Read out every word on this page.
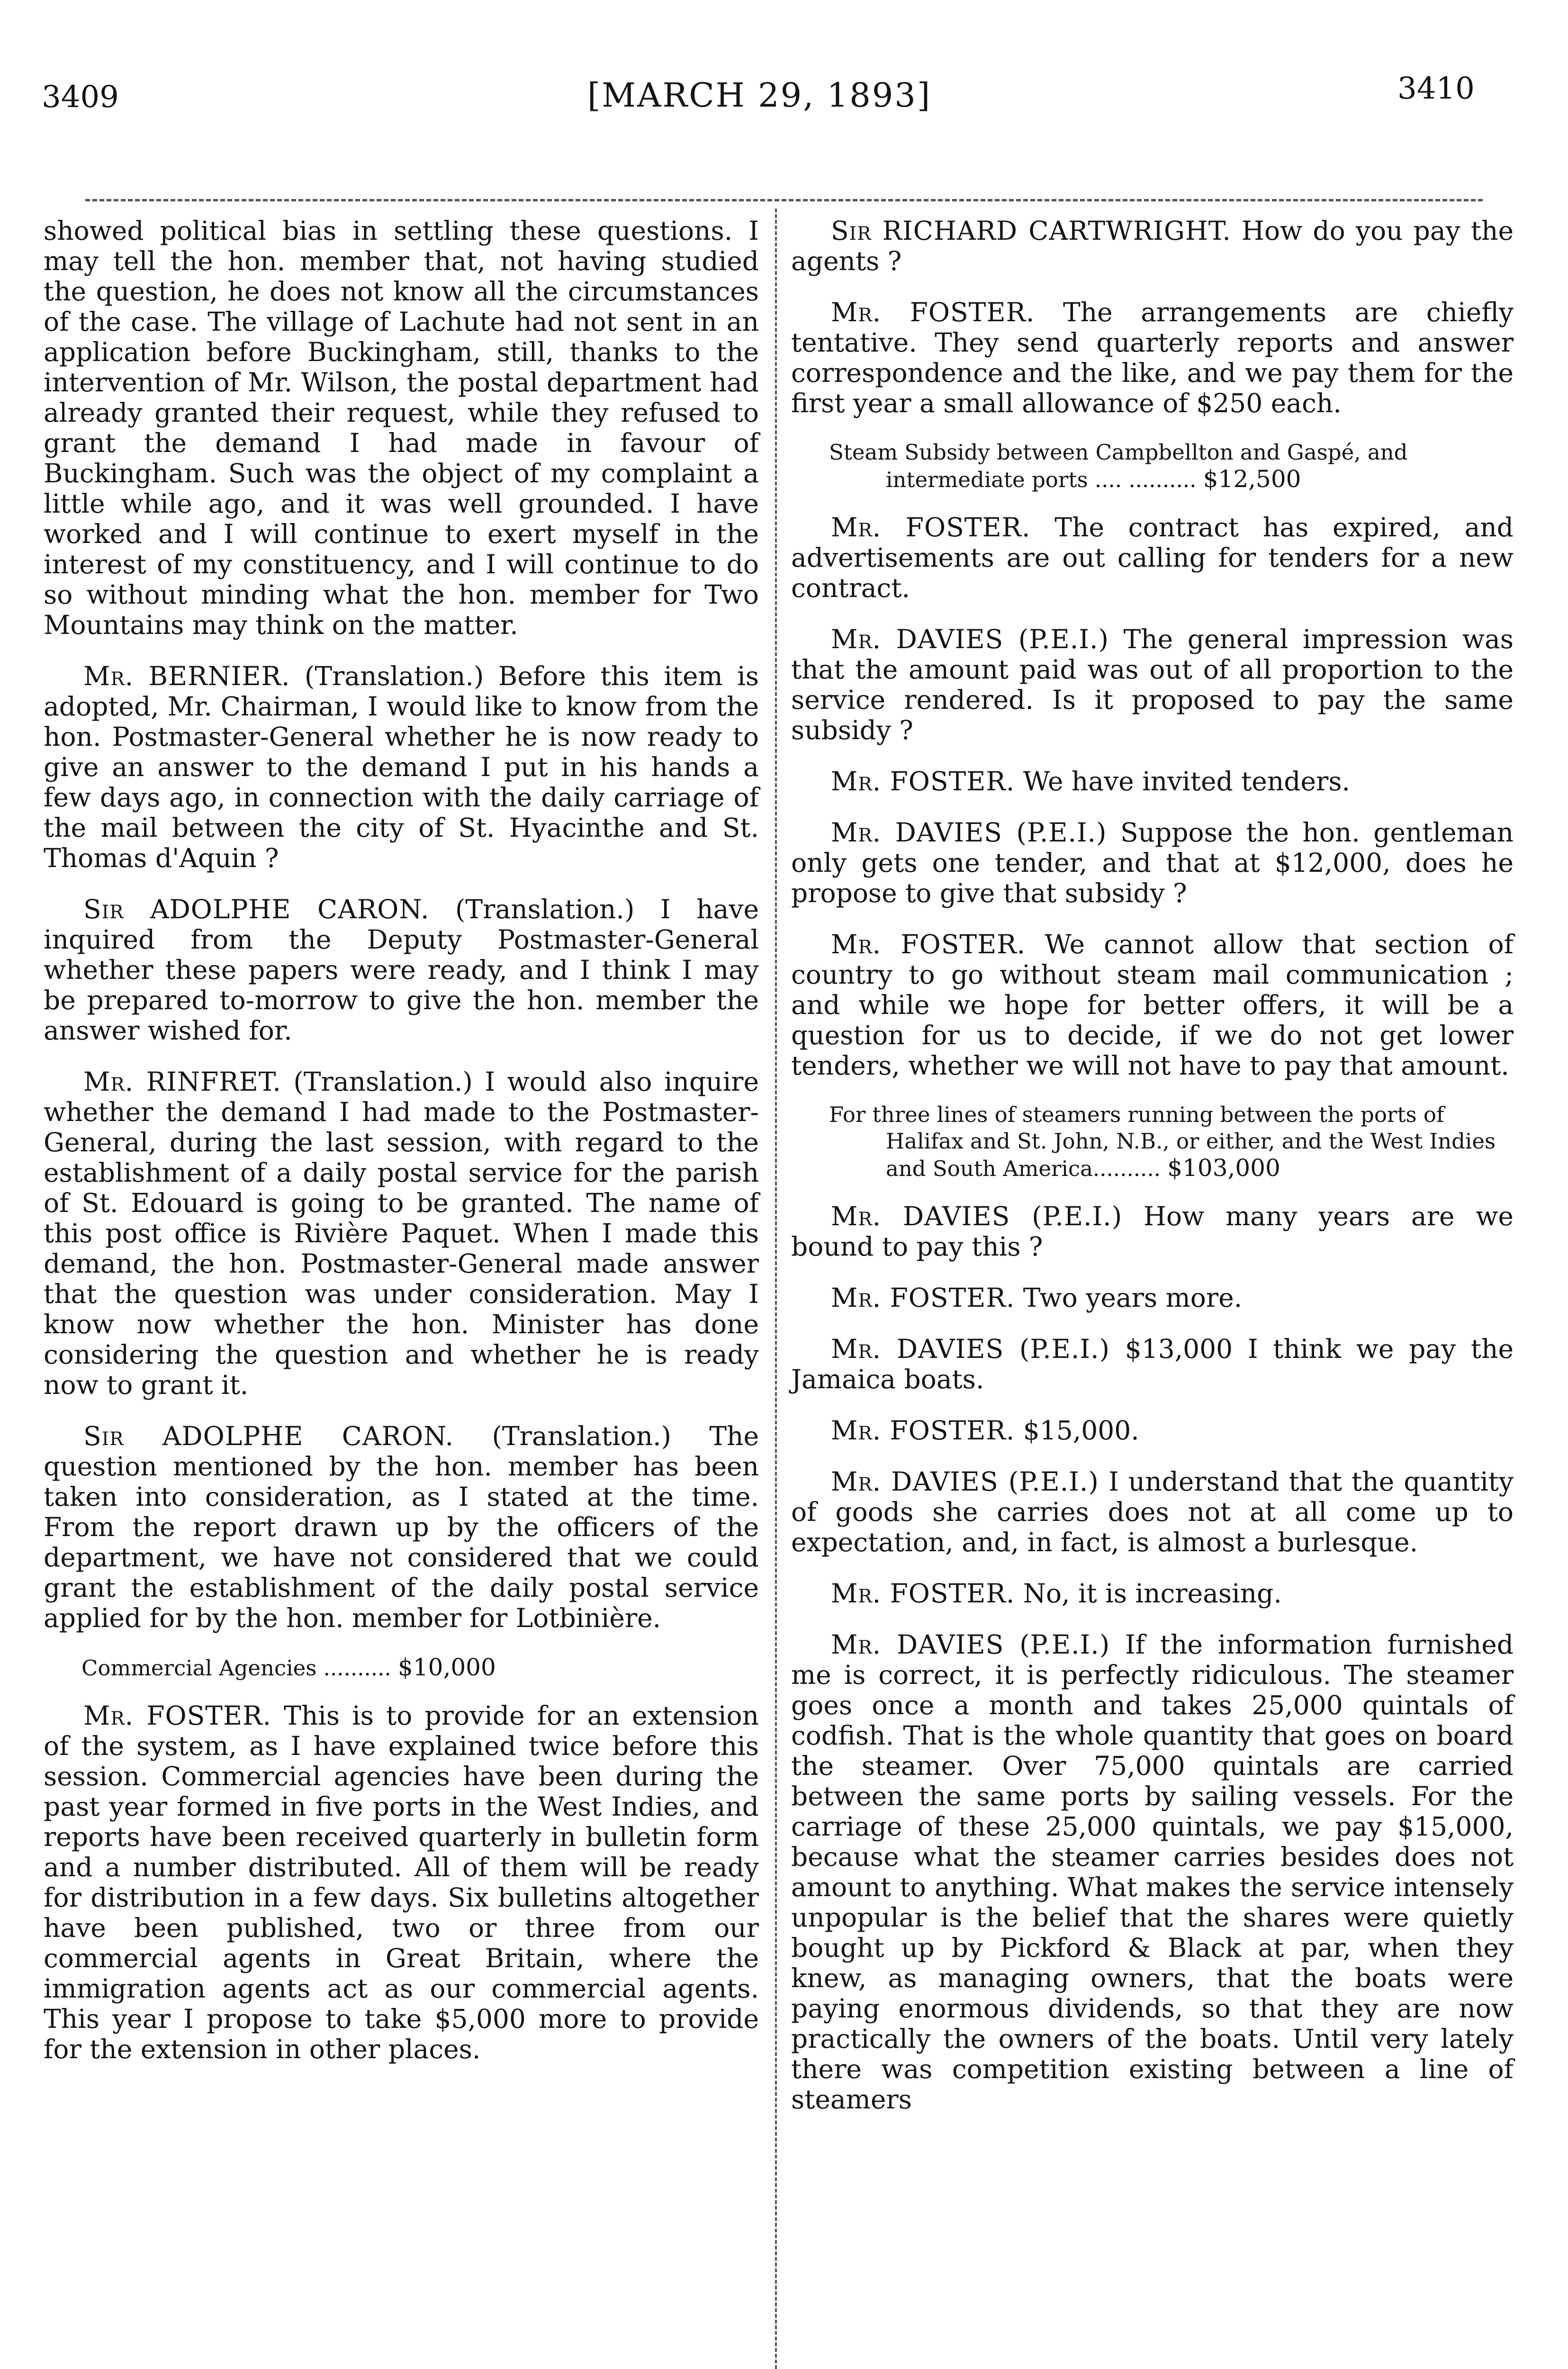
3409	[MARCH 29, 1893]	3410

showed political bias in settling these questions. I may tell the hon. member that, not having studied the question, he does not know all the circumstances of the case. The village of Lachute had not sent in an application before Buckingham, still, thanks to the intervention of Mr. Wilson, the postal department had already granted their request, while they refused to grant the demand I had made in favour of Buckingham. Such was the object of my complaint a little while ago, and it was well grounded. I have worked and I will continue to exert myself in the interest of my constituency, and I will continue to do so without minding what the hon. member for Two Mountains may think on the matter.

Mr. BERNIER. (Translation.) Before this item is adopted, Mr. Chairman, I would like to know from the hon. Postmaster-General whether he is now ready to give an answer to the demand I put in his hands a few days ago, in connection with the daily carriage of the mail between the city of St. Hyacinthe and St. Thomas d'Aquin ?

Sir ADOLPHE CARON. (Translation.) I have inquired from the Deputy Postmaster-General whether these papers were ready, and I think I may be prepared to-morrow to give the hon. member the answer wished for.

Mr. RINFRET. (Translation.) I would also inquire whether the demand I had made to the Postmaster-General, during the last session, with regard to the establishment of a daily postal service for the parish of St. Edouard is going to be granted. The name of this post office is Rivière Paquet. When I made this demand, the hon. Postmaster-General made answer that the question was under consideration. May I know now whether the hon. Minister has done considering the question and whether he is ready now to grant it.

Sir ADOLPHE CARON. (Translation.) The question mentioned by the hon. member has been taken into consideration, as I stated at the time. From the report drawn up by the officers of the department, we have not considered that we could grant the establishment of the daily postal service applied for by the hon. member for Lotbinière.

Commercial Agencies .......... $10,000

Mr. FOSTER. This is to provide for an extension of the system, as I have explained twice before this session. Commercial agencies have been during the past year formed in five ports in the West Indies, and reports have been received quarterly in bulletin form and a number distributed. All of them will be ready for distribution in a few days. Six bulletins altogether have been published, two or three from our commercial agents in Great Britain, where the immigration agents act as our commercial agents. This year I propose to take $5,000 more to provide for the extension in other places.

Sir RICHARD CARTWRIGHT. How do you pay the agents ?

Mr. FOSTER. The arrangements are chiefly tentative. They send quarterly reports and answer correspondence and the like, and we pay them for the first year a small allowance of $250 each.

Steam Subsidy between Campbellton and Gaspé, and intermediate ports .... .......... $12,500

Mr. FOSTER. The contract has expired, and advertisements are out calling for tenders for a new contract.

Mr. DAVIES (P.E.I.) The general impression was that the amount paid was out of all proportion to the service rendered. Is it proposed to pay the same subsidy ?

Mr. FOSTER. We have invited tenders.

Mr. DAVIES (P.E.I.) Suppose the hon. gentleman only gets one tender, and that at $12,000, does he propose to give that subsidy ?

Mr. FOSTER. We cannot allow that section of country to go without steam mail communication ; and while we hope for better offers, it will be a question for us to decide, if we do not get lower tenders, whether we will not have to pay that amount.

For three lines of steamers running between the ports of Halifax and St. John, N.B., or either, and the West Indies and South America.......... $103,000

Mr. DAVIES (P.E.I.) How many years are we bound to pay this ?

Mr. FOSTER. Two years more.

Mr. DAVIES (P.E.I.) $13,000 I think we pay the Jamaica boats.

Mr. FOSTER. $15,000.

Mr. DAVIES (P.E.I.) I understand that the quantity of goods she carries does not at all come up to expectation, and, in fact, is almost a burlesque.

Mr. FOSTER. No, it is increasing.

Mr. DAVIES (P.E.I.) If the information furnished me is correct, it is perfectly ridiculous. The steamer goes once a month and takes 25,000 quintals of codfish. That is the whole quantity that goes on board the steamer. Over 75,000 quintals are carried between the same ports by sailing vessels. For the carriage of these 25,000 quintals, we pay $15,000, because what the steamer carries besides does not amount to anything. What makes the service intensely unpopular is the belief that the shares were quietly bought up by Pickford & Black at par, when they knew, as managing owners, that the boats were paying enormous dividends, so that they are now practically the owners of the boats. Until very lately there was competition existing between a line of steamers
